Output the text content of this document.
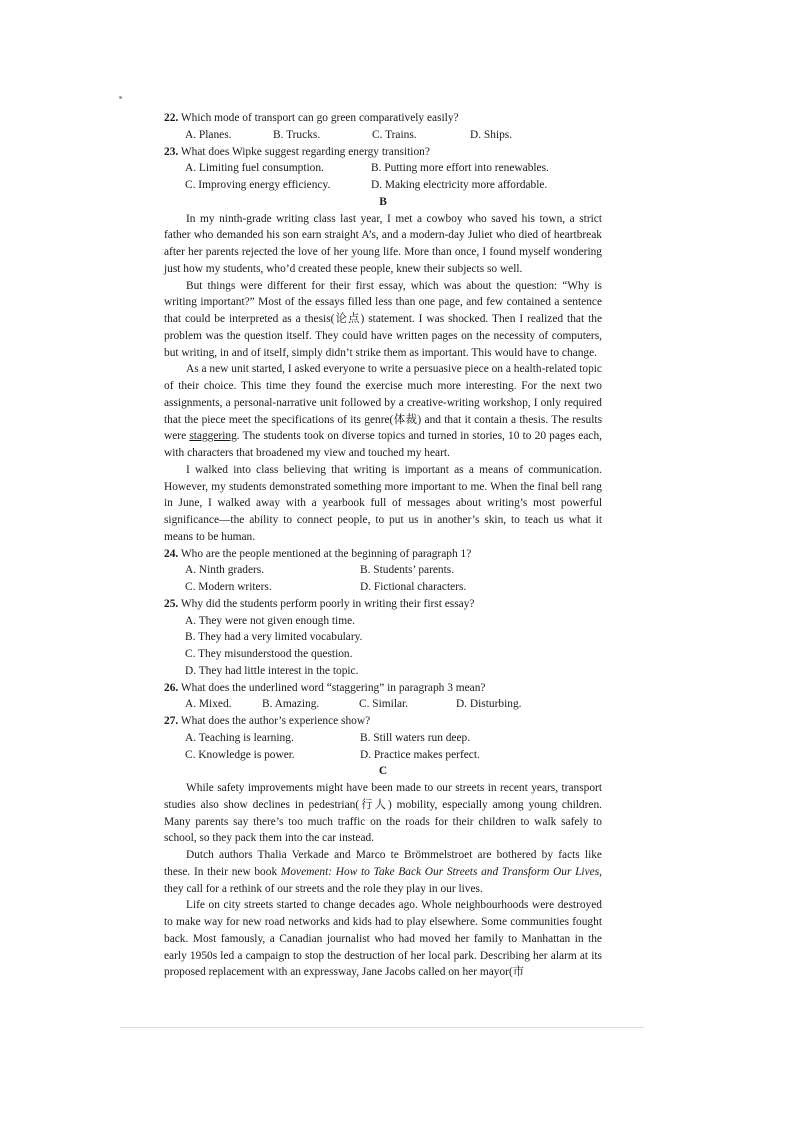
22. Which mode of transport can go green comparatively easily?

A. Planes.	B. Trucks.	C. Trains.	D. Ships.

23. What does Wipke suggest regarding energy transition?

A. Limiting fuel consumption.	B. Putting more effort into renewables.
C. Improving energy efficiency.	D. Making electricity more affordable.

B

In my ninth-grade writing class last year, I met a cowboy who saved his town, a strict father who demanded his son earn straight A’s, and a modern-day Juliet who died of heartbreak after her parents rejected the love of her young life. More than once, I found myself wondering just how my students, who’d created these people, knew their subjects so well.

But things were different for their first essay, which was about the question: “Why is writing important?” Most of the essays filled less than one page, and few contained a sentence that could be interpreted as a thesis(论点) statement. I was shocked. Then I realized that the problem was the question itself. They could have written pages on the necessity of computers, but writing, in and of itself, simply didn’t strike them as important. This would have to change.

As a new unit started, I asked everyone to write a persuasive piece on a health-related topic of their choice. This time they found the exercise much more interesting. For the next two assignments, a personal-narrative unit followed by a creative-writing workshop, I only required that the piece meet the specifications of its genre(体裁) and that it contain a thesis. The results were staggering. The students took on diverse topics and turned in stories, 10 to 20 pages each, with characters that broadened my view and touched my heart.

I walked into class believing that writing is important as a means of communication. However, my students demonstrated something more important to me. When the final bell rang in June, I walked away with a yearbook full of messages about writing’s most powerful significance—the ability to connect people, to put us in another’s skin, to teach us what it means to be human.

24. Who are the people mentioned at the beginning of paragraph 1?

A. Ninth graders.	B. Students’ parents.
C. Modern writers.	D. Fictional characters.

25. Why did the students perform poorly in writing their first essay?

A. They were not given enough time.
B. They had a very limited vocabulary.
C. They misunderstood the question.
D. They had little interest in the topic.

26. What does the underlined word “staggering” in paragraph 3 mean?

A. Mixed.	B. Amazing.	C. Similar.	D. Disturbing.

27. What does the author’s experience show?

A. Teaching is learning.	B. Still waters run deep.
C. Knowledge is power.	D. Practice makes perfect.

C

While safety improvements might have been made to our streets in recent years, transport studies also show declines in pedestrian(行人) mobility, especially among young children. Many parents say there’s too much traffic on the roads for their children to walk safely to school, so they pack them into the car instead.

Dutch authors Thalia Verkade and Marco te Brömmelstroet are bothered by facts like these. In their new book Movement: How to Take Back Our Streets and Transform Our Lives, they call for a rethink of our streets and the role they play in our lives.

Life on city streets started to change decades ago. Whole neighbourhoods were destroyed to make way for new road networks and kids had to play elsewhere. Some communities fought back. Most famously, a Canadian journalist who had moved her family to Manhattan in the early 1950s led a campaign to stop the destruction of her local park. Describing her alarm at its proposed replacement with an expressway, Jane Jacobs called on her mayor(市
